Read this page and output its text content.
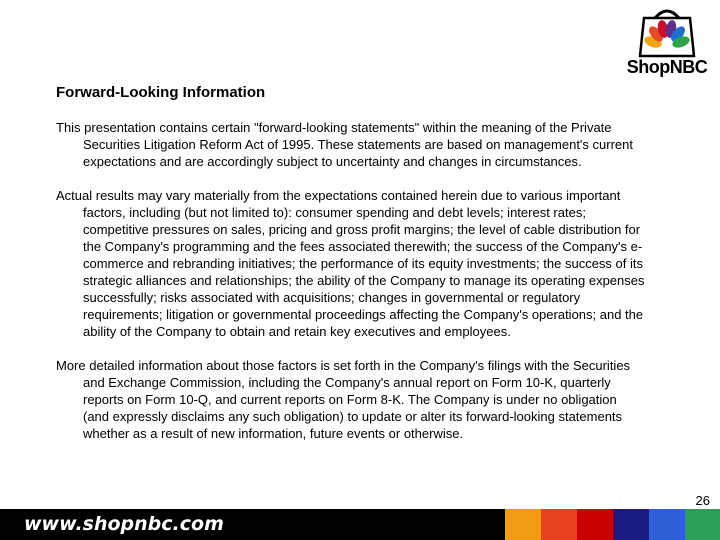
ShopNBC
Forward-Looking Information

This presentation contains certain "forward-looking statements" within the meaning of the Private Securities Litigation Reform Act of 1995. These statements are based on management's current expectations and are accordingly subject to uncertainty and changes in circumstances.

Actual results may vary materially from the expectations contained herein due to various important factors, including (but not limited to): consumer spending and debt levels; interest rates; competitive pressures on sales, pricing and gross profit margins; the level of cable distribution for the Company's programming and the fees associated therewith; the success of the Company's e-commerce and rebranding initiatives; the performance of its equity investments; the success of its strategic alliances and relationships; the ability of the Company to manage its operating expenses successfully; risks associated with acquisitions; changes in governmental or regulatory requirements; litigation or governmental proceedings affecting the Company's operations; and the ability of the Company to obtain and retain key executives and employees.

More detailed information about those factors is set forth in the Company's filings with the Securities and Exchange Commission, including the Company's annual report on Form 10-K, quarterly reports on Form 10-Q, and current reports on Form 8-K. The Company is under no obligation (and expressly disclaims any such obligation) to update or alter its forward-looking statements whether as a result of new information, future events or otherwise.

26
www.shopnbc.com
